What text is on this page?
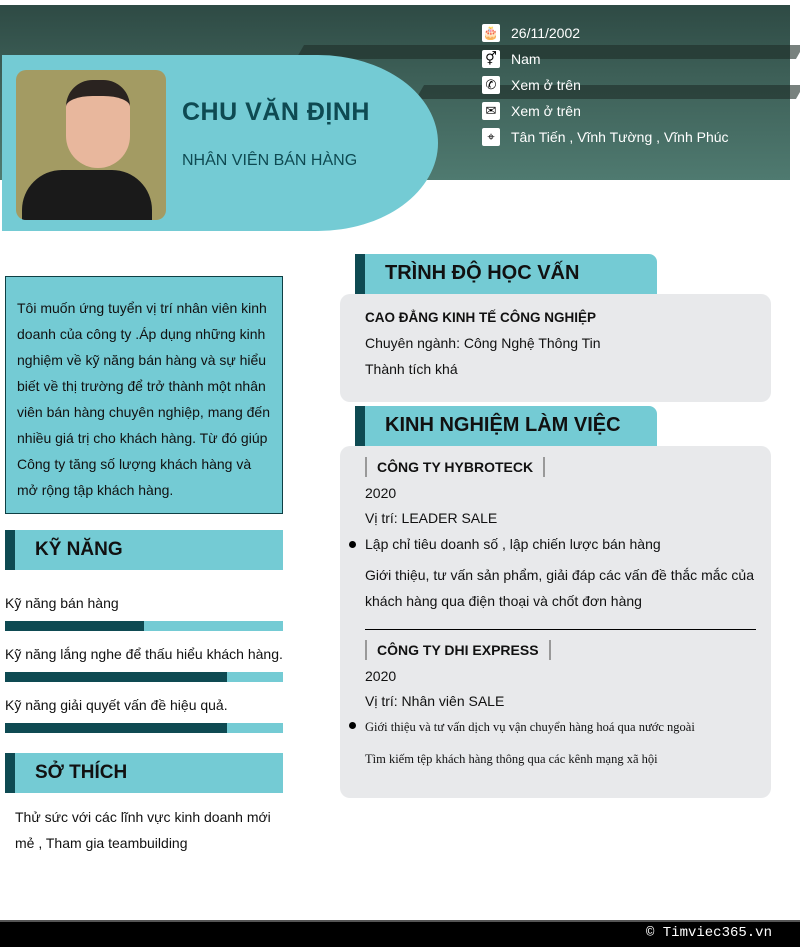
CHU VĂN ĐỊNH
NHÂN VIÊN BÁN HÀNG
🎂 26/11/2002
⚥ Nam
✆ Xem ở trên
✉ Xem ở trên
⌖	Tân Tiến , Vĩnh Tường , Vĩnh Phúc
Tôi muốn ứng tuyển vị trí nhân viên kinh doanh của công ty .Áp dụng những kinh nghiệm về kỹ năng bán hàng và sự hiểu biết về thị trường để trở thành một nhân viên bán hàng chuyên nghiệp, mang đến nhiều giá trị cho khách hàng. Từ đó giúp Công ty tăng số lượng khách hàng và mở rộng tập khách hàng.
KỸ NĂNG
Kỹ năng bán hàng
Kỹ năng lắng nghe để thấu hiểu khách hàng.
Kỹ năng giải quyết vấn đề hiệu quả.
SỞ THÍCH
Thử sức với các lĩnh vực kinh doanh mới mẻ , Tham gia teambuilding
CAO ĐẲNG KINH TẾ CÔNG NGHIỆP
Chuyên ngành: Công Nghệ Thông Tin
Thành tích khá
TRÌNH ĐỘ HỌC VẤN
CÔNG TY HYBROTECK
2020
Vị trí: LEADER SALE
Lập chỉ tiêu doanh số , lập chiến lược bán hàng
Giới thiệu, tư vấn sản phẩm, giải đáp các vấn đề thắc mắc của khách hàng qua điện thoại và chốt đơn hàng
CÔNG TY DHI EXPRESS
2020
Vị trí: Nhân viên SALE
Giới thiệu và tư vấn dịch vụ vận chuyển hàng hoá qua nước ngoài
Tìm kiếm tệp khách hàng thông qua các kênh mạng xã hội
KINH NGHIỆM LÀM VIỆC
© Timviec365.vn
